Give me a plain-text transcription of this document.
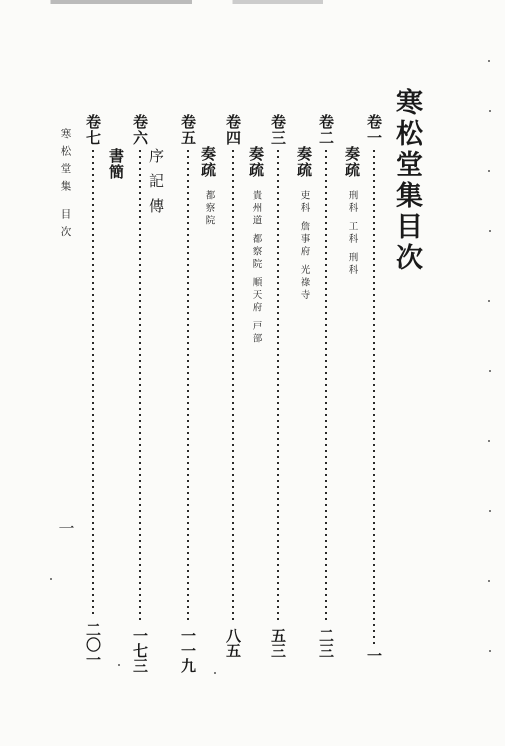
寒松堂集目次
卷一
奏疏
刑科 工科 刑科
一
卷二
奏疏
吏科 詹事府 光祿寺
二三
卷三
奏疏
貴州道 都察院 順天府 戸部
五三
卷四
奏疏
都察院
八五
卷五
一一九
卷六
序記傳
一七三
卷七
書簡
二〇一
寒松堂集 目次
一
